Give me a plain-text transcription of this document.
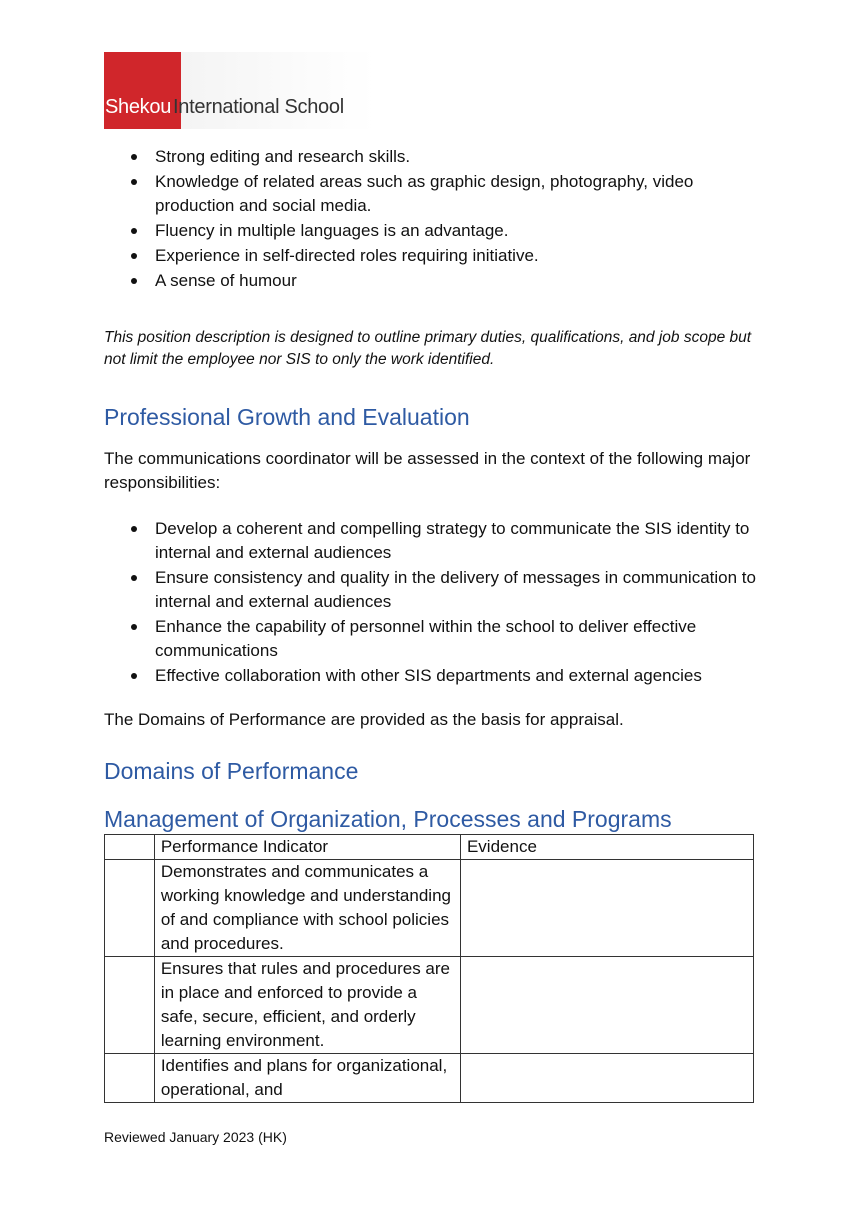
Shekou International School
Strong editing and research skills.
Knowledge of related areas such as graphic design, photography, video production and social media.
Fluency in multiple languages is an advantage.
Experience in self-directed roles requiring initiative.
A sense of humour
This position description is designed to outline primary duties, qualifications, and job scope but not limit the employee nor SIS to only the work identified.
Professional Growth and Evaluation
The communications coordinator will be assessed in the context of the following major responsibilities:
Develop a coherent and compelling strategy to communicate the SIS identity to internal and external audiences
Ensure consistency and quality in the delivery of messages in communication to internal and external audiences
Enhance the capability of personnel within the school to deliver effective communications
Effective collaboration with other SIS departments and external agencies
The Domains of Performance are provided as the basis for appraisal.
Domains of Performance
Management of Organization, Processes and Programs
	Performance Indicator	Evidence
	Demonstrates and communicates a working knowledge and understanding of and compliance with school policies and procedures.	
	Ensures that rules and procedures are in place and enforced to provide a safe, secure, efficient, and orderly learning environment.	
	Identifies and plans for organizational, operational, and	
Reviewed January 2023 (HK)
